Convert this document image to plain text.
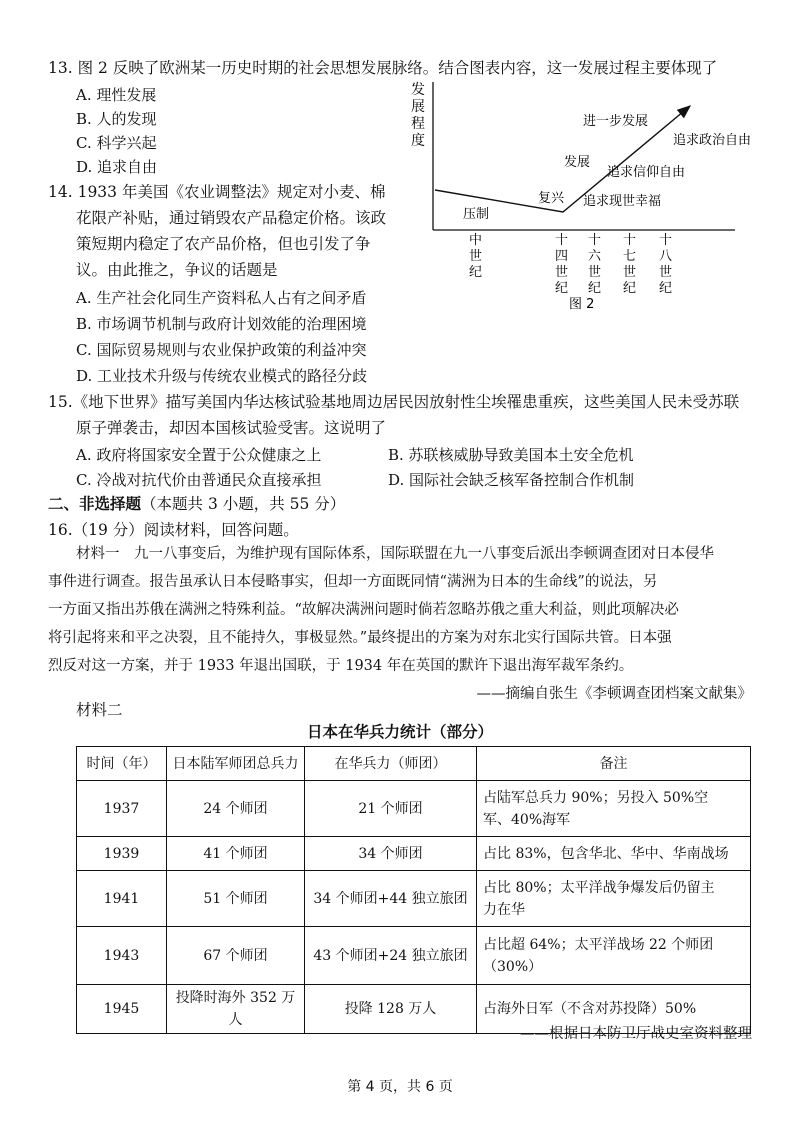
13. 图 2 反映了欧洲某一历史时期的社会思想发展脉络。结合图表内容，这一发展过程主要体现了
A. 理性发展
B. 人的发现
C. 科学兴起
D. 追求自由
发
展
程
度
压制
复兴
发展
进一步发展
追求现世幸福
追求信仰自由
追求政治自由
中
世
纪
十
四
世
纪
十
六
世
纪
十
七
世
纪
十
八
世
纪
图 2
14. 1933 年美国《农业调整法》规定对小麦、棉
花限产补贴，通过销毁农产品稳定价格。该政
策短期内稳定了农产品价格，但也引发了争
议。由此推之，争议的话题是
A. 生产社会化同生产资料私人占有之间矛盾
B. 市场调节机制与政府计划效能的治理困境
C. 国际贸易规则与农业保护政策的利益冲突
D. 工业技术升级与传统农业模式的路径分歧
15.《地下世界》描写美国内华达核试验基地周边居民因放射性尘埃罹患重疾，这些美国人民未受苏联
原子弹袭击，却因本国核试验受害。这说明了
A. 政府将国家安全置于公众健康之上	B. 苏联核威胁导致美国本土安全危机
C. 冷战对抗代价由普通民众直接承担	D. 国际社会缺乏核军备控制合作机制
二、非选择题（本题共 3 小题，共 55 分）
16.（19 分）阅读材料，回答问题。
材料一　九一八事变后，为维护现有国际体系，国际联盟在九一八事变后派出李顿调查团对日本侵华
事件进行调查。报告虽承认日本侵略事实，但却一方面既同情“满洲为日本的生命线”的说法，另
一方面又指出苏俄在满洲之特殊利益。“故解决满洲问题时倘若忽略苏俄之重大利益，则此项解决必
将引起将来和平之决裂，且不能持久，事极显然。”最终提出的方案为对东北实行国际共管。日本强
烈反对这一方案，并于 1933 年退出国联，于 1934 年在英国的默许下退出海军裁军条约。
——摘编自张生《李顿调查团档案文献集》
材料二
日本在华兵力统计（部分）
时间（年）	日本陆军师团总兵力	在华兵力（师团）	备注
1937	24 个师团	21 个师团	占陆军总兵力 90%；另投入 50%空
军、40%海军

1939	41 个师团	34 个师团	占比 83%，包含华北、华中、华南战场

1941	51 个师团	34 个师团+44 独立旅团	占比 80%；太平洋战争爆发后仍留主
力在华

1943	67 个师团	43 个师团+24 独立旅团	占比超 64%；太平洋战场 22 个师团
（30%）

1945	投降时海外 352 万人	投降 128 万人	占海外日军（不含对苏投降）50%
——根据日本防卫厅战史室资料整理
第 4 页，共 6 页
